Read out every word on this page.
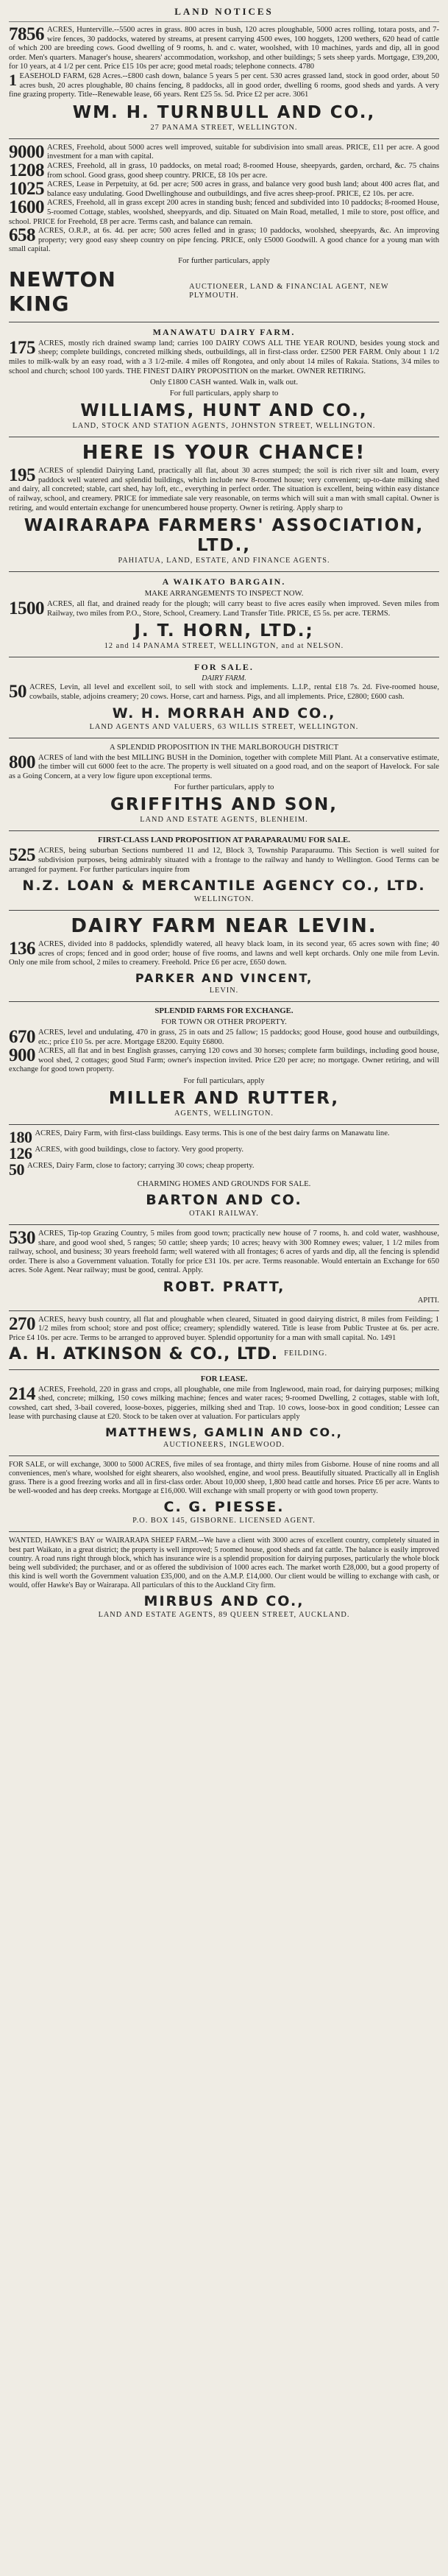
LAND NOTICES

7856 ACRES, Hunterville.--5500 acres in grass. 800 acres in bush, 120 acres ploughable, 5000 acres rolling, totara posts, and 7-wire fences, 30 paddocks, watered by streams, at present carrying 4500 ewes, 100 hoggets, 1200 wethers, 620 head of cattle of which 200 are breeding cows. Good dwelling of 9 rooms, h. and c. water, woolshed, with 10 machines, yards and dip, all in good order. Men's quarters. Manager's house, shearers' accommodation, workshop, and other buildings; 5 sets sheep yards. Mortgage, £39,200, for 10 years, at 4 1/2 per cent. Price £15 10s per acre; good metal roads; telephone connects. 4780

1 EASEHOLD FARM, 628 Acres.--£800 cash down, balance 5 years 5 per cent. 530 acres grassed land, stock in good order, about 50 acres bush, 20 acres ploughable, 80 chains fencing, 8 paddocks, all in good order, dwelling 6 rooms, good sheds and yards. A very fine grazing property. Title--Renewable lease, 66 years. Rent £25 5s. 5d. Price £2 per acre. 3061

WM. H. TURNBULL AND CO.,
27 PANAMA STREET, WELLINGTON.

9000 ACRES, Freehold, about 5000 acres well improved, suitable for subdivision into small areas. PRICE, £11 per acre. A good investment for a man with capital.

1208 ACRES, Freehold, all in grass, 10 paddocks, on metal road; 8-roomed House, sheepyards, garden, orchard, &c. 75 chains from school. Good grass, good sheep country. PRICE, £8 10s per acre.

1025 ACRES, Lease in Perpetuity, at 6d. per acre; 500 acres in grass, and balance very good bush land; about 400 acres flat, and balance easy undulating. Good Dwellinghouse and outbuildings, and five acres sheep-proof. PRICE, £2 10s. per acre.

1600 ACRES, Freehold, all in grass except 200 acres in standing bush; fenced and subdivided into 10 paddocks; 8-roomed House, 5-roomed Cottage, stables, woolshed, sheepyards, and dip. Situated on Main Road, metalled, 1 mile to store, post office, and school. PRICE for Freehold, £8 per acre. Terms cash, and balance can remain.

658 ACRES, O.R.P., at 6s. 4d. per acre; 500 acres felled and in grass; 10 paddocks, woolshed, sheepyards, &c. An improving property; very good easy sheep country on pipe fencing. PRICE, only £5000 Goodwill. A good chance for a young man with small capital.

For further particulars, apply
NEWTON KING
AUCTIONEER, LAND & FINANCIAL AGENT, NEW PLYMOUTH.
MANAWATU DAIRY FARM.

175 ACRES, mostly rich drained swamp land; carries 100 DAIRY COWS ALL THE YEAR ROUND, besides young stock and sheep; complete buildings, concreted milking sheds, outbuildings, all in first-class order. £2500 PER FARM. Only about 1 1/2 miles to milk-walk by an easy road, with a 3 1/2-mile. 4 miles off Rongotea, and only about 14 miles of Rakaia. Stations, 3/4 miles to school and church; school 100 yards. THE FINEST DAIRY PROPOSITION on the market. OWNER RETIRING.

Only £1800 CASH wanted. Walk in, walk out.
For full particulars, apply sharp to
WILLIAMS, HUNT AND CO.,
LAND, STOCK AND STATION AGENTS, JOHNSTON STREET, WELLINGTON.
HERE IS YOUR CHANCE!

195 ACRES of splendid Dairying Land, practically all flat, about 30 acres stumped; the soil is rich river silt and loam, every paddock well watered and splendid buildings, which include new 8-roomed house; very convenient; up-to-date milking shed and dairy, all concreted; stable, cart shed, hay loft, etc., everything in perfect order. The situation is excellent, being within easy distance of railway, school, and creamery. PRICE for immediate sale very reasonable, on terms which will suit a man with small capital. Owner is retiring, and would entertain exchange for unencumbered house property. Owner is retiring. Apply sharp to

WAIRARAPA FARMERS' ASSOCIATION, LTD.,
PAHIATUA, LAND, ESTATE, AND FINANCE AGENTS.
A WAIKATO BARGAIN.
MAKE ARRANGEMENTS TO INSPECT NOW.

1500 ACRES, all flat, and drained ready for the plough; will carry beast to five acres easily when improved. Seven miles from Railway, two miles from P.O., Store, School, Creamery. Land Transfer Title. PRICE, £5 5s. per acre. TERMS.

J. T. HORN, LTD.;
12 and 14 PANAMA STREET, WELLINGTON, and at NELSON.
FOR SALE.
DAIRY FARM.

50 ACRES, Levin, all level and excellent soil, to sell with stock and implements. L.I.P., rental £18 7s. 2d. Five-roomed house, cowbails, stable, adjoins creamery; 20 cows. Horse, cart and harness. Pigs, and all implements. Price, £2800; £600 cash.

W. H. MORRAH AND CO.,
LAND AGENTS AND VALUERS, 63 WILLIS STREET, WELLINGTON.
A SPLENDID PROPOSITION IN THE MARLBOROUGH DISTRICT

800 ACRES of land with the best MILLING BUSH in the Dominion, together with complete Mill Plant. At a conservative estimate, the timber will cut 6000 feet to the acre. The property is well situated on a good road, and on the seaport of Havelock. For sale as a Going Concern, at a very low figure upon exceptional terms.

For further particulars, apply to
GRIFFITHS AND SON,
LAND AND ESTATE AGENTS, BLENHEIM.
FIRST-CLASS LAND PROPOSITION AT PARAPARAUMU FOR SALE.

525 ACRES, being suburban Sections numbered 11 and 12, Block 3, Township Paraparaumu. This Section is well suited for subdivision purposes, being admirably situated with a frontage to the railway and handy to Wellington. Good Terms can be arranged for payment. For further particulars inquire from

N.Z. LOAN & MERCANTILE AGENCY CO., LTD.
WELLINGTON.
DAIRY FARM NEAR LEVIN.

136 ACRES, divided into 8 paddocks, splendidly watered, all heavy black loam, in its second year, 65 acres sown with fine; 40 acres of crops; fenced and in good order; house of five rooms, and lawns and well kept orchards. Only one mile from Levin. Only one mile from school, 2 miles to creamery. Freehold. Price £6 per acre, £650 down.

PARKER AND VINCENT,
LEVIN.
SPLENDID FARMS FOR EXCHANGE.
FOR TOWN OR OTHER PROPERTY.

670 ACRES, level and undulating, 470 in grass, 25 in oats and 25 fallow; 15 paddocks; good House, good house and outbuildings, etc.; price £10 5s. per acre. Mortgage £8200. Equity £6800.

900 ACRES, all flat and in best English grasses, carrying 120 cows and 30 horses; complete farm buildings, including good house, wool shed, 2 cottages; good Stud Farm; owner's inspection invited. Price £20 per acre; no mortgage. Owner retiring, and will exchange for good town property.

For full particulars, apply
MILLER AND RUTTER,
AGENTS, WELLINGTON.

180 ACRES, Dairy Farm, with first-class buildings. Easy terms. This is one of the best dairy farms on Manawatu line.

126 ACRES, with good buildings, close to factory. Very good property.

50 ACRES, Dairy Farm, close to factory; carrying 30 cows; cheap property.

CHARMING HOMES AND GROUNDS FOR SALE.
BARTON AND CO.
OTAKI RAILWAY.

530 ACRES, Tip-top Grazing Country, 5 miles from good town; practically new house of 7 rooms, h. and cold water, washhouse, share, and good wool shed, 5 ranges; 50 cattle; sheep yards; 10 acres; heavy with 300 Romney ewes; valuer, 1 1/2 miles from railway, school, and business; 30 years freehold farm; well watered with all frontages; 6 acres of yards and dip, all the fencing is splendid order. There is also a Government valuation. Totally for price £31 10s. per acre. Terms reasonable. Would entertain an Exchange for 650 acres. Sole Agent. Near railway; must be good, central. Apply.

ROBT. PRATT,
APITI.

270 ACRES, heavy bush country, all flat and ploughable when cleared, Situated in good dairying district, 8 miles from Feilding; 1 1/2 miles from school; store and post office; creamery; splendidly watered. Title is lease from Public Trustee at 6s. per acre. Price £4 10s. per acre. Terms to be arranged to approved buyer. Splendid opportunity for a man with small capital. No. 1491

A. H. ATKINSON & CO., LTD. FEILDING.
FOR LEASE.

214 ACRES, Freehold, 220 in grass and crops, all ploughable, one mile from Inglewood, main road, for dairying purposes; milking shed, concrete; milking, 150 cows milking machine; fences and water races; 9-roomed Dwelling, 2 cottages, stable with loft, cowshed, cart shed, 3-bail covered, loose-boxes, piggeries, milking shed and Trap. 10 cows, loose-box in good condition; Lessee can lease with purchasing clause at £20. Stock to be taken over at valuation. For particulars apply

MATTHEWS, GAMLIN AND CO.,
AUCTIONEERS, INGLEWOOD.

FOR SALE, or will exchange, 3000 to 5000 ACRES, five miles of sea frontage, and thirty miles from Gisborne. House of nine rooms and all conveniences, men's whare, woolshed for eight shearers, also woolshed, engine, and wool press. Beautifully situated. Practically all in English grass. There is a good freezing works and all in first-class order. About 10,000 sheep, 1,800 head cattle and horses. Price £6 per acre. Wants to be well-wooded and has deep creeks. Mortgage at £16,000. Will exchange with small property or with good town property.

C. G. PIESSE.
P.O. BOX 145, GISBORNE. LICENSED AGENT.

WANTED, HAWKE'S BAY or WAIRARAPA SHEEP FARM.--We have a client with 3000 acres of excellent country, completely situated in best part Waikato, in a great district; the property is well improved; 5 roomed house, good sheds and fat cattle. The balance is easily improved country. A road runs right through block, which has insurance wire is a splendid proposition for dairying purposes, particularly the whole block being well subdivided; the purchaser, and or as offered the subdivision of 1000 acres each. The market worth £28,000, but a good property of this kind is well worth the Government valuation £35,000, and on the A.M.P. £14,000. Our client would be willing to exchange with cash, or would, offer Hawke's Bay or Wairarapa. All particulars of this to the Auckland City firm.

MIRBUS AND CO.,
LAND AND ESTATE AGENTS, 89 QUEEN STREET, AUCKLAND.
